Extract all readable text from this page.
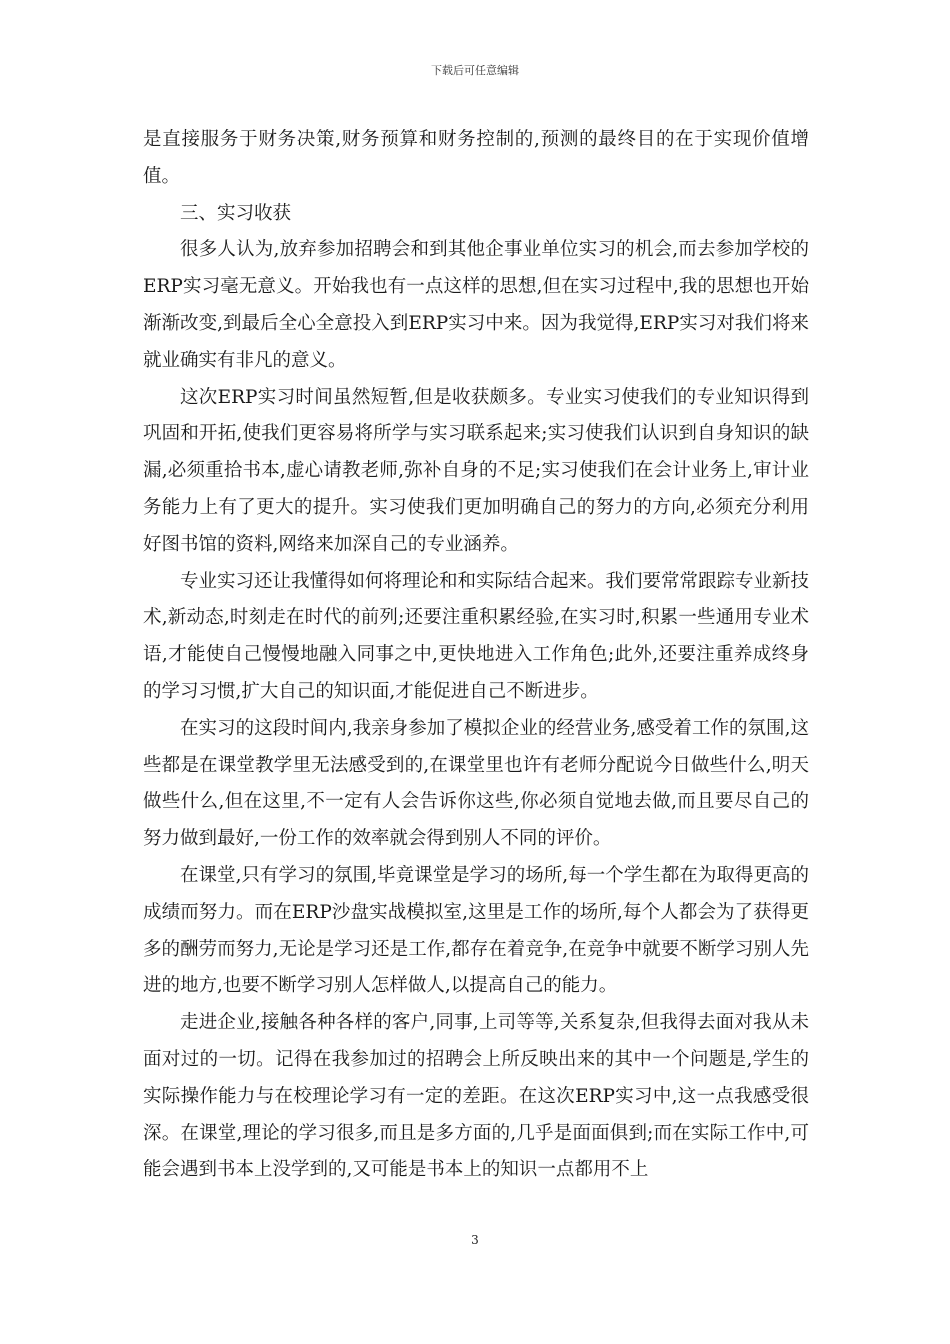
下载后可任意编辑

是直接服务于财务决策,财务预算和财务控制的,预测的最终目的在于实现价值增值。

三、实习收获

很多人认为,放弃参加招聘会和到其他企事业单位实习的机会,而去参加学校的ERP实习毫无意义。开始我也有一点这样的思想,但在实习过程中,我的思想也开始渐渐改变,到最后全心全意投入到ERP实习中来。因为我觉得,ERP实习对我们将来就业确实有非凡的意义。

这次ERP实习时间虽然短暂,但是收获颇多。专业实习使我们的专业知识得到巩固和开拓,使我们更容易将所学与实习联系起来;实习使我们认识到自身知识的缺漏,必须重拾书本,虚心请教老师,弥补自身的不足;实习使我们在会计业务上,审计业务能力上有了更大的提升。实习使我们更加明确自己的努力的方向,必须充分利用好图书馆的资料,网络来加深自己的专业涵养。

专业实习还让我懂得如何将理论和和实际结合起来。我们要常常跟踪专业新技术,新动态,时刻走在时代的前列;还要注重积累经验,在实习时,积累一些通用专业术语,才能使自己慢慢地融入同事之中,更快地进入工作角色;此外,还要注重养成终身的学习习惯,扩大自己的知识面,才能促进自己不断进步。

在实习的这段时间内,我亲身参加了模拟企业的经营业务,感受着工作的氛围,这些都是在课堂教学里无法感受到的,在课堂里也许有老师分配说今日做些什么,明天做些什么,但在这里,不一定有人会告诉你这些,你必须自觉地去做,而且要尽自己的努力做到最好,一份工作的效率就会得到别人不同的评价。

在课堂,只有学习的氛围,毕竟课堂是学习的场所,每一个学生都在为取得更高的成绩而努力。而在ERP沙盘实战模拟室,这里是工作的场所,每个人都会为了获得更多的酬劳而努力,无论是学习还是工作,都存在着竞争,在竞争中就要不断学习别人先进的地方,也要不断学习别人怎样做人,以提高自己的能力。

走进企业,接触各种各样的客户,同事,上司等等,关系复杂,但我得去面对我从未面对过的一切。记得在我参加过的招聘会上所反映出来的其中一个问题是,学生的实际操作能力与在校理论学习有一定的差距。在这次ERP实习中,这一点我感受很深。在课堂,理论的学习很多,而且是多方面的,几乎是面面俱到;而在实际工作中,可能会遇到书本上没学到的,又可能是书本上的知识一点都用不上

3
